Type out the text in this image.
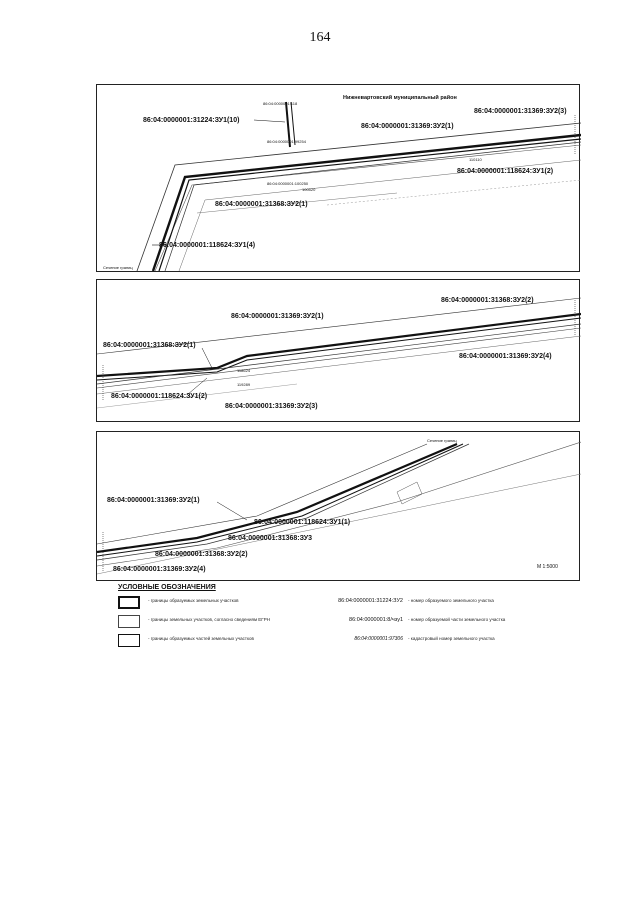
164
Нижневартовский муниципальный район
86:04:0000001:118
86:04:0000001:31224:ЗУ1(10)
86:04:0000001:31369:ЗУ2(3)
86:04:0000001:31369:ЗУ2(1)
86:04:0000001:99254
110110
86:04:0000001:118624:ЗУ1(2)
86:04:0000001:100250
100520
86:04:0000001:31368:ЗУ2(1)
86:04:0000001:118624:ЗУ1(4)
Сечение границ
86:04:0000001:31368:ЗУ2(2)
86:04:0000001:31369:ЗУ2(1)
86:04:0000001:31368:ЗУ2(1)
86:04:0000001:31369:ЗУ2(4)
118624
119289
86:04:0000001:118624:ЗУ1(2)
86:04:0000001:31369:ЗУ2(3)
Сечение границ
86:04:0000001:31369:ЗУ2(1)
86:04:0000001:118624:ЗУ1(1)
86:04:0000001:31368:ЗУ3
86:04:0000001:31368:ЗУ2(2)
86:04:0000001:31369:ЗУ2(4)	М 1:5000
УСЛОВНЫЕ ОБОЗНАЧЕНИЯ
- границы образуемых земельных участков	86:04:0000001:31224:ЗУ2 - номер образуемого земельного участка
- границы земельных участков, согласно сведениям ЕГРН	86:04:0000001:8/чзу1 - номер образуемой части земельного участка
- границы образуемых частей земельных участков	86:04:0000001:97306 - кадастровый номер земельного участка
